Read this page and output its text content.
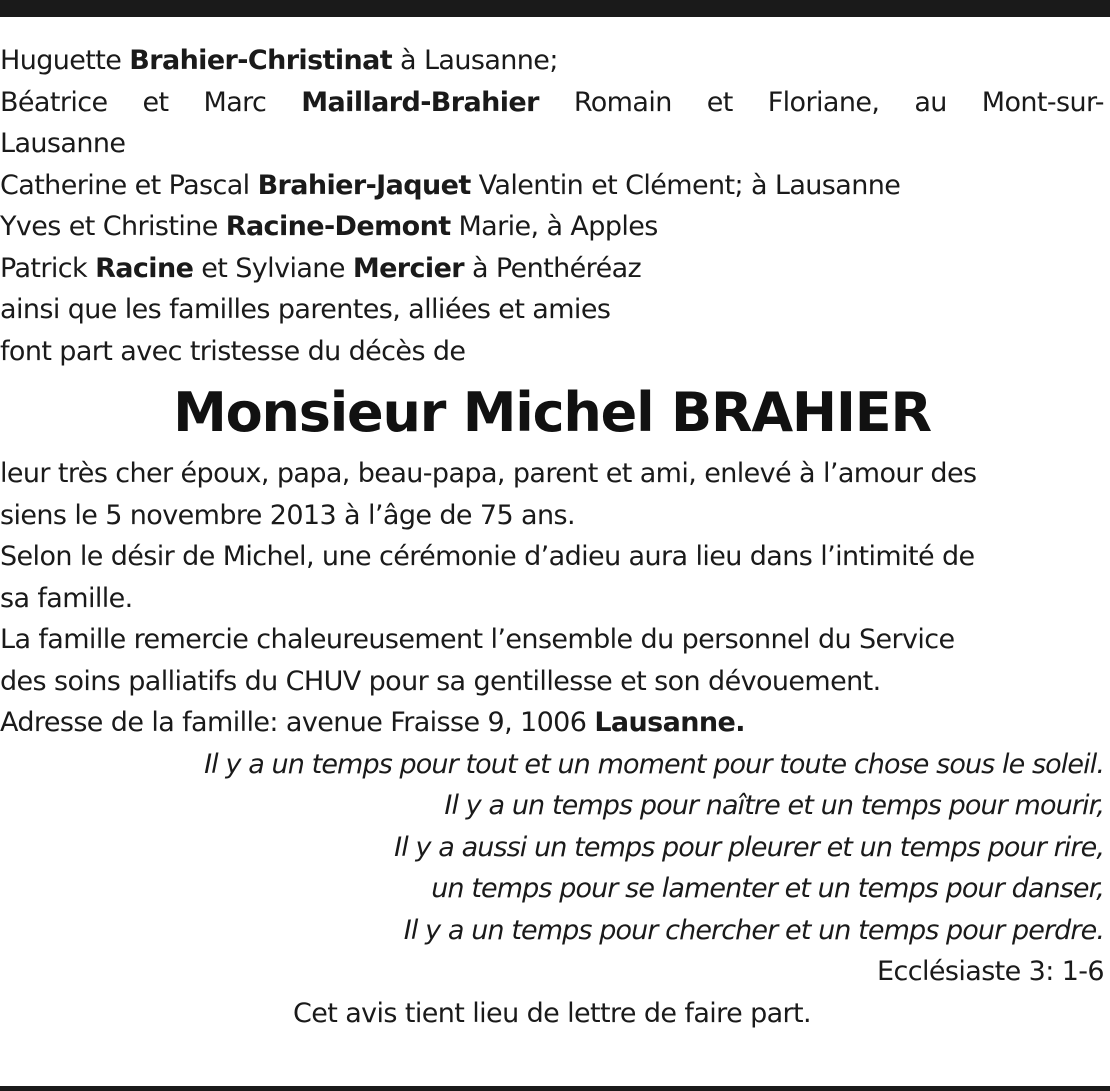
Huguette Brahier-Christinat à Lausanne;
Béatrice et Marc Maillard-Brahier Romain et Floriane, au Mont-sur-
Lausanne
Catherine et Pascal Brahier-Jaquet Valentin et Clément; à Lausanne
Yves et Christine Racine-Demont Marie, à Apples
Patrick Racine et Sylviane Mercier à Penthéréaz
ainsi que les familles parentes, alliées et amies
font part avec tristesse du décès de
Monsieur Michel BRAHIER
leur très cher époux, papa, beau-papa, parent et ami, enlevé à l’amour des
siens le 5 novembre 2013 à l’âge de 75 ans.
Selon le désir de Michel, une cérémonie d’adieu aura lieu dans l’intimité de
sa famille.
La famille remercie chaleureusement l’ensemble du personnel du Service
des soins palliatifs du CHUV pour sa gentillesse et son dévouement.
Adresse de la famille: avenue Fraisse 9, 1006 Lausanne.
Il y a un temps pour tout et un moment pour toute chose sous le soleil.
Il y a un temps pour naître et un temps pour mourir,
Il y a aussi un temps pour pleurer et un temps pour rire,
un temps pour se lamenter et un temps pour danser,
Il y a un temps pour chercher et un temps pour perdre.
Ecclésiaste 3: 1-6
Cet avis tient lieu de lettre de faire part.
